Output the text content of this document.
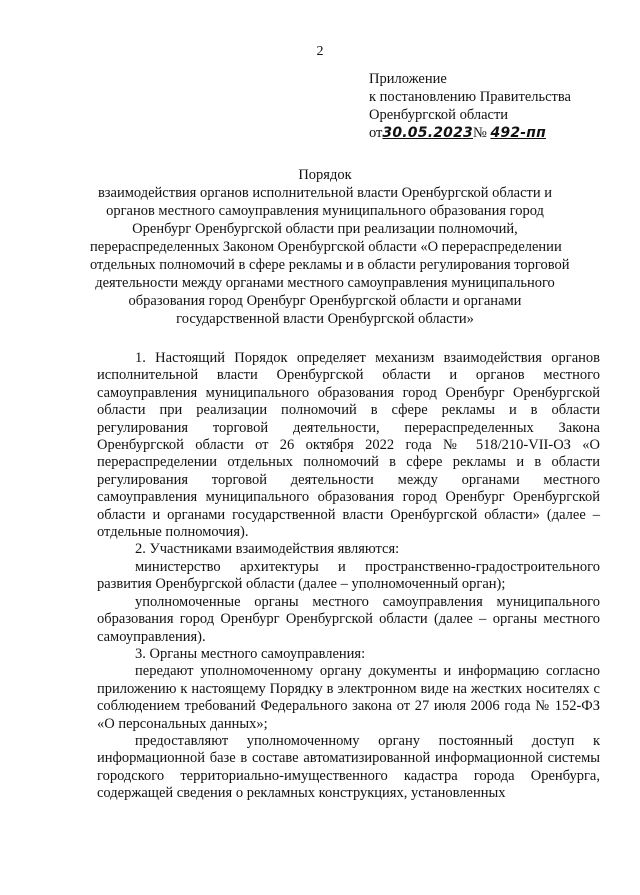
2
Приложение
к постановлению Правительства
Оренбургской области
от30.05.2023№ 492-пп
Порядок
взаимодействия органов исполнительной власти Оренбургской области и
органов местного самоуправления муниципального образования город
Оренбург Оренбургской области при реализации полномочий,
перераспределенных Законом Оренбургской области «О перераспределении
отдельных полномочий в сфере рекламы и в области регулирования торговой
деятельности между органами местного самоуправления муниципального
образования город Оренбург Оренбургской области и органами
государственной власти Оренбургской области»

1. Настоящий Порядок определяет механизм взаимодействия органов исполнительной власти Оренбургской области и органов местного самоуправления муниципального образования город Оренбург Оренбургской области при реализации полномочий в сфере рекламы и в области регулирования торговой деятельности, перераспределенных Закона Оренбургской области от 26 октября 2022 года № 518/210-VII-ОЗ «О перераспределении отдельных полномочий в сфере рекламы и в области регулирования торговой деятельности между органами местного самоуправления муниципального образования город Оренбург Оренбургской области и органами государственной власти Оренбургской области» (далее – отдельные полномочия).

2. Участниками взаимодействия являются:

министерство архитектуры и пространственно-градостроительного развития Оренбургской области (далее – уполномоченный орган);

уполномоченные органы местного самоуправления муниципального образования город Оренбург Оренбургской области (далее – органы местного самоуправления).

3. Органы местного самоуправления:

передают уполномоченному органу документы и информацию согласно приложению к настоящему Порядку в электронном виде на жестких носителях с соблюдением требований Федерального закона от 27 июля 2006 года № 152-ФЗ «О персональных данных»;

предоставляют уполномоченному органу постоянный доступ к информационной базе в составе автоматизированной информационной системы городского территориально-имущественного кадастра города Оренбурга, содержащей сведения о рекламных конструкциях, установленных
